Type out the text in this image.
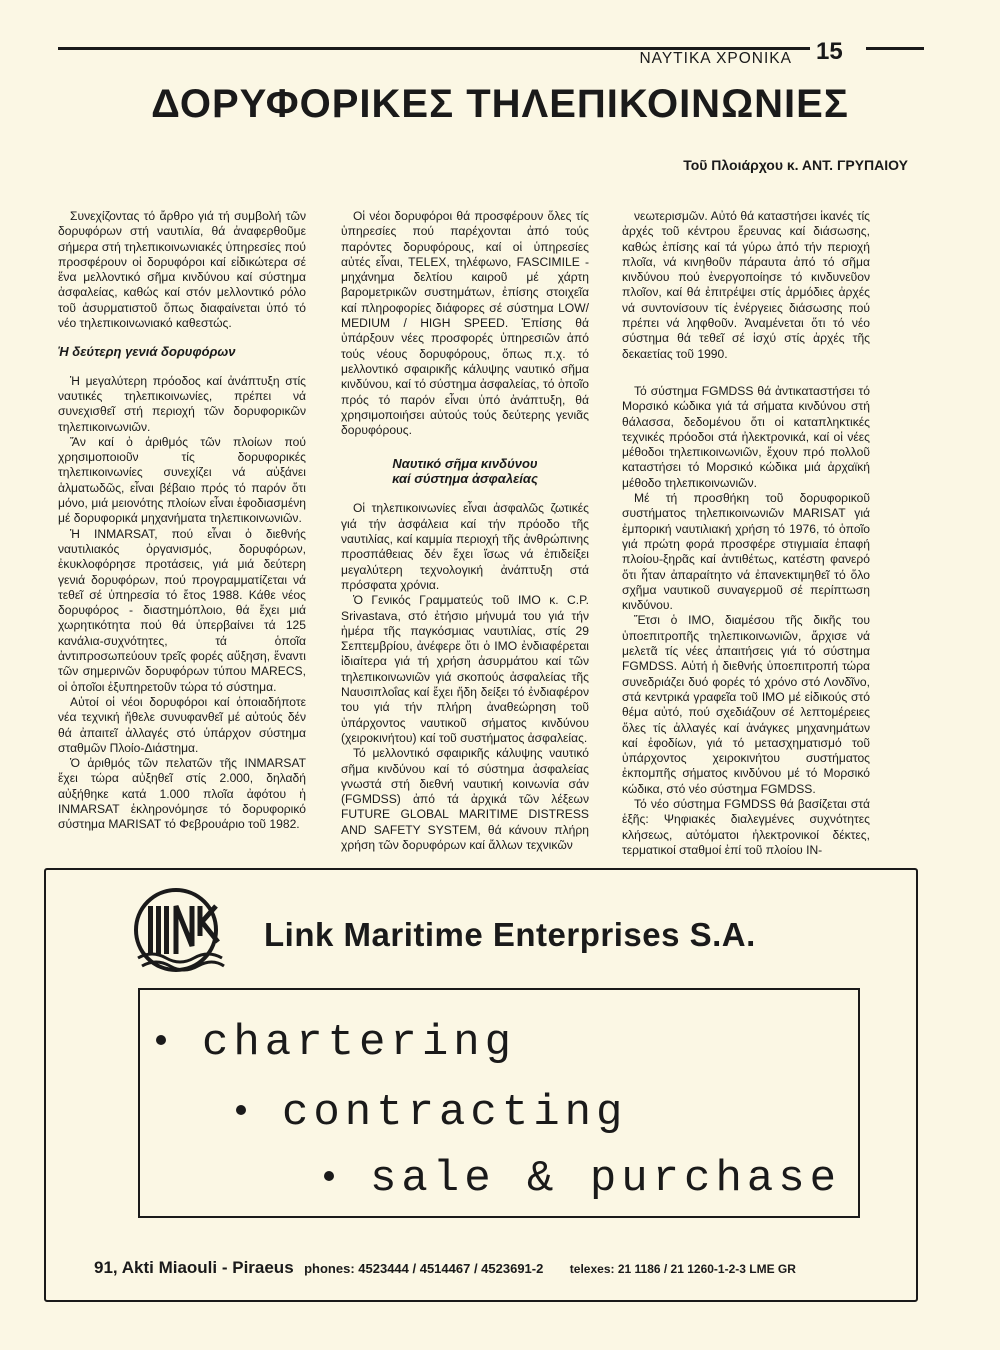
ΝΑΥΤΙΚΑ ΧΡΟΝΙΚΑ 15
ΔΟΡΥΦΟΡΙΚΕΣ ΤΗΛΕΠΙΚΟΙΝΩΝΙΕΣ
Τοῦ Πλοιάρχου κ. ΑΝΤ. ΓΡΥΠΑΙΟΥ

Συνεχίζοντας τό ἄρθρο γιά τή συμβολή τῶν δορυφόρων στή ναυτιλία, θά ἀναφερθοῦμε σήμερα στή τηλεπικοινωνιακές ὑπηρεσίες πού προσφέρουν οἱ δορυφόροι καί εἰδικώτερα σέ ἕνα μελλοντικό σῆμα κινδύνου καί σύστημα ἀσφαλείας, καθώς καί στόν μελλοντικό ρόλο τοῦ ἀσυρματιστοῦ ὅπως διαφαίνεται ὑπό τό νέο τηλεπικοινωνιακό καθεστώς.

Ἡ δεύτερη γενιά δορυφόρων

Ἡ μεγαλύτερη πρόοδος καί ἀνάπτυξη στίς ναυτικές τηλεπικοινωνίες, πρέπει νά συνεχισθεῖ στή περιοχή τῶν δορυφορικῶν τηλεπικοινωνιῶν.

Ἄν καί ὁ ἀριθμός τῶν πλοίων πού χρησιμοποιοῦν τίς δορυφορικές τηλεπικοινωνίες συνεχίζει νά αὐξάνει ἁλματωδῶς, εἶναι βέβαιο πρός τό παρόν ὅτι μόνο, μιά μειονότης πλοίων εἶναι ἐφοδιασμένη μέ δορυφορικά μηχανήματα τηλεπικοινωνιῶν.

Ἡ INMARSAT, πού εἶναι ὁ διεθνής ναυτιλιακός ὀργανισμός, δορυφόρων, ἐκυκλοφόρησε προτάσεις, γιά μιά δεύτερη γενιά δορυφόρων, πού προγραμματίζεται νά τεθεῖ σέ ὑπηρεσία τό ἔτος 1988. Κάθε νέος δορυφόρος - διαστημόπλοιο, θά ἔχει μιά χωρητικότητα πού θά ὑπερβαίνει τά 125 κανάλια-συχνότητες, τά ὁποῖα ἀντιπροσωπεύουν τρεῖς φορές αὔξηση, ἔναντι τῶν σημερινῶν δορυφόρων τύπου MARECS, οἱ ὁποῖοι ἐξυπηρετοῦν τώρα τό σύστημα.

Αὐτοί οἱ νέοι δορυφόροι καί ὁποιαδήποτε νέα τεχνική ἤθελε συνυφανθεῖ μέ αὐτούς δέν θά ἀπαιτεῖ ἀλλαγές στό ὑπάρχον σύστημα σταθμῶν Πλοίο-Διάστημα.

Ὁ ἀριθμός τῶν πελατῶν τῆς INMARSAT ἔχει τώρα αὐξηθεῖ στίς 2.000, δηλαδή αὐξήθηκε κατά 1.000 πλοῖα ἀφότου ἡ INMARSAT ἐκληρονόμησε τό δορυφορικό σύστημα MARISAT τό Φεβρουάριο τοῦ 1982.

Οἱ νέοι δορυφόροι θά προσφέρουν ὅλες τίς ὑπηρεσίες πού παρέχονται ἀπό τούς παρόντες δορυφόρους, καί οἱ ὑπηρεσίες αὐτές εἶναι, TELEX, τηλέφωνο, FASCIMILE - μηχάνημα δελτίου καιροῦ μέ χάρτη βαρομετρικῶν συστημάτων, ἐπίσης στοιχεῖα καί πληροφορίες διάφορες σέ σύστημα LOW/ MEDIUM / HIGH SPEED. Ἐπίσης θά ὑπάρξουν νέες προσφορές ὑπηρεσιῶν ἀπό τούς νέους δορυφόρους, ὅπως π.χ. τό μελλοντικό σφαιρικῆς κάλυψης ναυτικό σῆμα κινδύνου, καί τό σύστημα ἀσφαλείας, τό ὁποῖο πρός τό παρόν εἶναι ὑπό ἀνάπτυξη, θά χρησιμοποιήσει αὐτούς τούς δεύτερης γενιᾶς δορυφόρους.

Ναυτικό σῆμα κινδύνου
καί σύστημα ἀσφαλείας

Οἱ τηλεπικοινωνίες εἶναι ἀσφαλῶς ζωτικές γιά τήν ἀσφάλεια καί τήν πρόοδο τῆς ναυτιλίας, καί καμμία περιοχή τῆς ἀνθρώπινης προσπάθειας δέν ἔχει ἴσως νά ἐπιδείξει μεγαλύτερη τεχνολογική ἀνάπτυξη στά πρόσφατα χρόνια.

Ὁ Γενικός Γραμματεύς τοῦ ΙΜΟ κ. C.P. Srivastava, στό ἐτήσιο μήνυμά του γιά τήν ἡμέρα τῆς παγκόσμιας ναυτιλίας, στίς 29 Σεπτεμβρίου, ἀνέφερε ὅτι ὁ ΙΜΟ ἐνδιαφέρεται ἰδιαίτερα γιά τή χρήση ἀσυρμάτου καί τῶν τηλεπικοινωνιῶν γιά σκοπούς ἀσφαλείας τῆς Ναυσιπλοΐας καί ἔχει ἤδη δείξει τό ἐνδιαφέρον του γιά τήν πλήρη ἀναθεώρηση τοῦ ὑπάρχοντος ναυτικοῦ σήματος κινδύνου (χειροκινήτου) καί τοῦ συστήματος ἀσφαλείας.

Τό μελλοντικό σφαιρικῆς κάλυψης ναυτικό σῆμα κινδύνου καί τό σύστημα ἀσφαλείας γνωστά στή διεθνή ναυτική κοινωνία σάν (FGMDSS) ἀπό τά ἀρχικά τῶν λέξεων FUTURE GLOBAL MARITIME DISTRESS AND SAFETY SYSTEM, θά κάνουν πλήρη χρήση τῶν δορυφόρων καί ἄλλων τεχνικῶν

νεωτερισμῶν. Αὐτό θά καταστήσει ἱκανές τίς ἀρχές τοῦ κέντρου ἔρευνας καί διάσωσης, καθώς ἐπίσης καί τά γύρω ἀπό τήν περιοχή πλοῖα, νά κινηθοῦν πάραυτα ἀπό τό σῆμα κινδύνου πού ἐνεργοποίησε τό κινδυνεῦον πλοῖον, καί θά ἐπιτρέψει στίς ἁρμόδιες ἀρχές νά συντονίσουν τίς ἐνέργειες διάσωσης πού πρέπει νά ληφθοῦν. Ἀναμένεται ὅτι τό νέο σύστημα θά τεθεῖ σέ ἰσχύ στίς ἀρχές τῆς δεκαετίας τοῦ 1990.

Τό σύστημα FGMDSS θά ἀντικαταστήσει τό Μορσικό κώδικα γιά τά σήματα κινδύνου στή θάλασσα, δεδομένου ὅτι οἱ καταπληκτικές τεχνικές πρόοδοι στά ἠλεκτρονικά, καί οἱ νέες μέθοδοι τηλεπικοινωνιῶν, ἔχουν πρό πολλοῦ καταστήσει τό Μορσικό κώδικα μιά ἀρχαϊκή μέθοδο τηλεπικοινωνιῶν.

Μέ τή προσθήκη τοῦ δορυφορικοῦ συστήματος τηλεπικοινωνιῶν MARISAT γιά ἐμπορική ναυτιλιακή χρήση τό 1976, τό ὁποῖο γιά πρώτη φορά προσφέρε στιγμιαία ἐπαφή πλοίου-ξηρᾶς καί ἀντιθέτως, κατέστη φανερό ὅτι ἦταν ἀπαραίτητο νά ἐπανεκτιμηθεῖ τό ὅλο σχῆμα ναυτικοῦ συναγερμοῦ σέ περίπτωση κινδύνου.

Ἔτσι ὁ ΙΜΟ, διαμέσου τῆς δικῆς του ὑποεπιτροπῆς τηλεπικοινωνιῶν, ἄρχισε νά μελετᾶ τίς νέες ἀπαιτήσεις γιά τό σύστημα FGMDSS. Αὐτή ἡ διεθνής ὑποεπιτροπή τώρα συνεδριάζει δυό φορές τό χρόνο στό Λονδῖνο, στά κεντρικά γραφεῖα τοῦ ΙΜΟ μέ εἰδικούς στό θέμα αὐτό, πού σχεδιάζουν σέ λεπτομέρειες ὅλες τίς ἀλλαγές καί ἀνάγκες μηχανημάτων καί ἐφοδίων, γιά τό μετασχηματισμό τοῦ ὑπάρχοντος χειροκινήτου συστήματος ἐκπομπῆς σήματος κινδύνου μέ τό Μορσικό κώδικα, στό νέο σύστημα FGMDSS.

Τό νέο σύστημα FGMDSS θά βασίζεται στά ἑξῆς: Ψηφιακές διαλεγμένες συχνότητες κλήσεως, αὐτόματοι ἠλεκτρονικοί δέκτες, τερματικοί σταθμοί ἐπί τοῦ πλοίου ΙΝ-

Link Maritime Enterprises S.A.
chartering
contracting
sale & purchase
91, Akti Miaouli - Piraeus phones: 4523444 / 4514467 / 4523691-2 telexes: 21 1186 / 21 1260-1-2-3 LME GR
